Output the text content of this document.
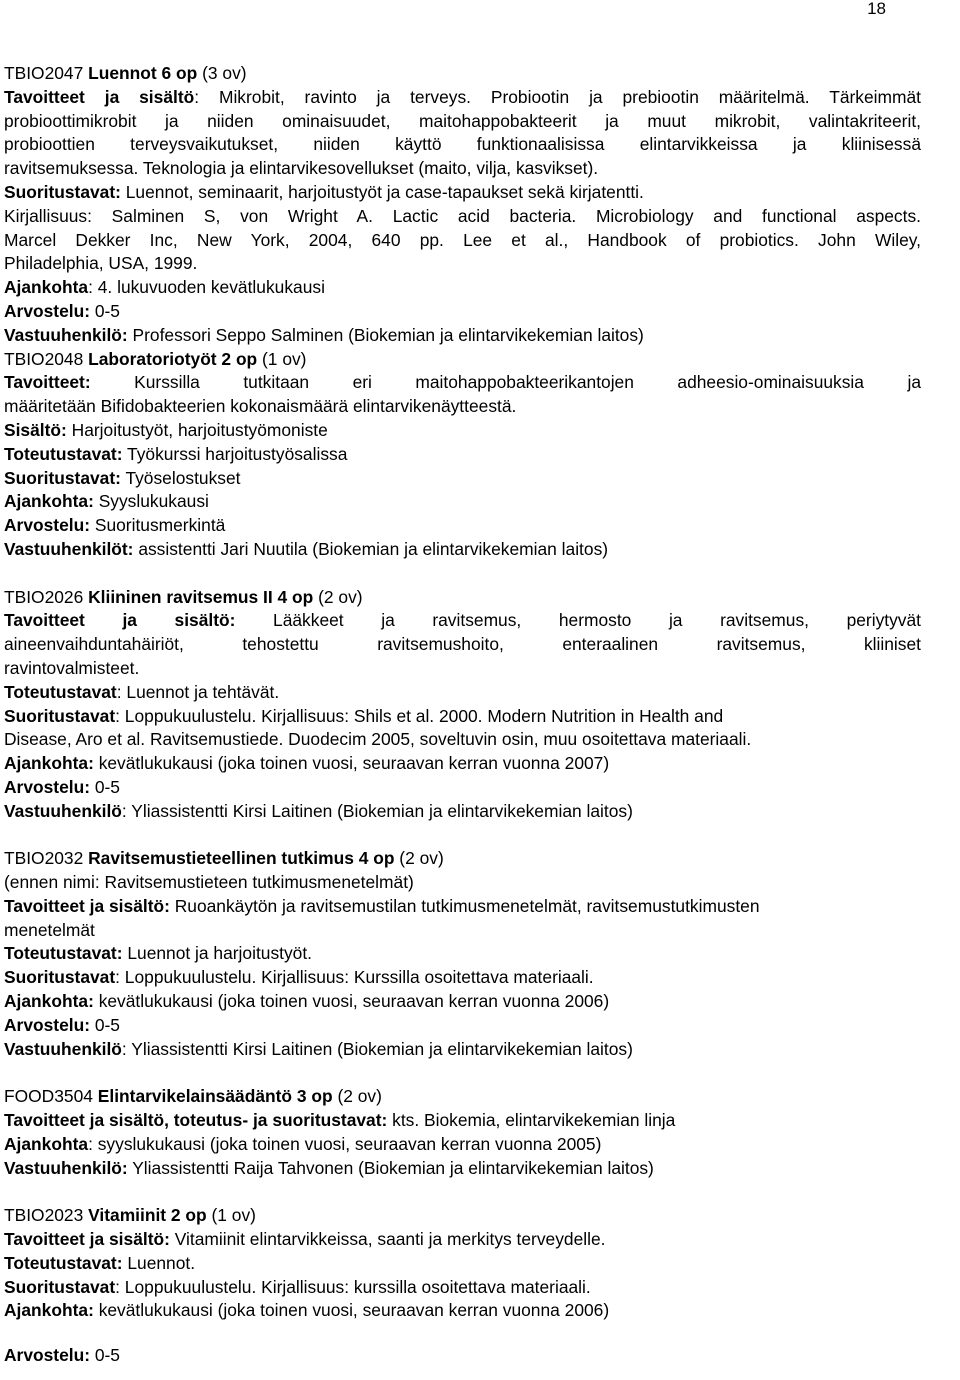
18
TBIO2047 Luennot 6 op (3 ov)
Tavoitteet ja sisältö: Mikrobit, ravinto ja terveys. Probiootin ja prebiootin määritelmä. Tärkeimmät
probioottimikrobit ja niiden ominaisuudet, maitohappobakteerit ja muut mikrobit, valintakriteerit,
probioottien terveysvaikutukset, niiden käyttö funktionaalisissa elintarvikkeissa ja kliinisessä
ravitsemuksessa. Teknologia ja elintarvikesovellukset (maito, vilja, kasvikset).
Suoritustavat: Luennot, seminaarit, harjoitustyöt ja case-tapaukset sekä kirjatentti.
Kirjallisuus: Salminen S, von Wright A. Lactic acid bacteria. Microbiology and functional aspects.
Marcel Dekker Inc, New York, 2004, 640 pp. Lee et al., Handbook of probiotics. John Wiley,
Philadelphia, USA, 1999.
Ajankohta: 4. lukuvuoden kevätlukukausi
Arvostelu: 0-5
Vastuuhenkilö: Professori Seppo Salminen (Biokemian ja elintarvikekemian laitos)
TBIO2048 Laboratoriotyöt 2 op (1 ov)
Tavoitteet: Kurssilla tutkitaan eri maitohappobakteerikantojen adheesio-ominaisuuksia ja
määritetään Bifidobakteerien kokonaismäärä elintarvikenäytteestä.
Sisältö: Harjoitustyöt, harjoitustyömoniste
Toteutustavat: Työkurssi harjoitustyösalissa
Suoritustavat: Työselostukset
Ajankohta: Syyslukukausi
Arvostelu: Suoritusmerkintä
Vastuuhenkilöt: assistentti Jari Nuutila (Biokemian ja elintarvikekemian laitos)
TBIO2026 Kliininen ravitsemus II 4 op (2 ov)
Tavoitteet ja sisältö: Lääkkeet ja ravitsemus, hermosto ja ravitsemus, periytyvät
aineenvaihduntahäiriöt, tehostettu ravitsemushoito, enteraalinen ravitsemus, kliiniset
ravintovalmisteet.
Toteutustavat: Luennot ja tehtävät.
Suoritustavat: Loppukuulustelu. Kirjallisuus: Shils et al. 2000. Modern Nutrition in Health and
Disease, Aro et al. Ravitsemustiede. Duodecim 2005, soveltuvin osin, muu osoitettava materiaali.
Ajankohta: kevätlukukausi (joka toinen vuosi, seuraavan kerran vuonna 2007)
Arvostelu: 0-5
Vastuuhenkilö: Yliassistentti Kirsi Laitinen (Biokemian ja elintarvikekemian laitos)
TBIO2032 Ravitsemustieteellinen tutkimus 4 op (2 ov)
(ennen nimi: Ravitsemustieteen tutkimusmenetelmät)
Tavoitteet ja sisältö: Ruoankäytön ja ravitsemustilan tutkimusmenetelmät, ravitsemustutkimusten
menetelmät
Toteutustavat: Luennot ja harjoitustyöt.
Suoritustavat: Loppukuulustelu. Kirjallisuus: Kurssilla osoitettava materiaali.
Ajankohta: kevätlukukausi (joka toinen vuosi, seuraavan kerran vuonna 2006)
Arvostelu: 0-5
Vastuuhenkilö: Yliassistentti Kirsi Laitinen (Biokemian ja elintarvikekemian laitos)
FOOD3504 Elintarvikelainsäädäntö 3 op (2 ov)
Tavoitteet ja sisältö, toteutus- ja suoritustavat: kts. Biokemia, elintarvikekemian linja
Ajankohta: syyslukukausi (joka toinen vuosi, seuraavan kerran vuonna 2005)
Vastuuhenkilö: Yliassistentti Raija Tahvonen (Biokemian ja elintarvikekemian laitos)
TBIO2023 Vitamiinit 2 op (1 ov)
Tavoitteet ja sisältö: Vitamiinit elintarvikkeissa, saanti ja merkitys terveydelle.
Toteutustavat: Luennot.
Suoritustavat: Loppukuulustelu. Kirjallisuus: kurssilla osoitettava materiaali.
Ajankohta: kevätlukukausi (joka toinen vuosi, seuraavan kerran vuonna 2006)
Arvostelu: 0-5
